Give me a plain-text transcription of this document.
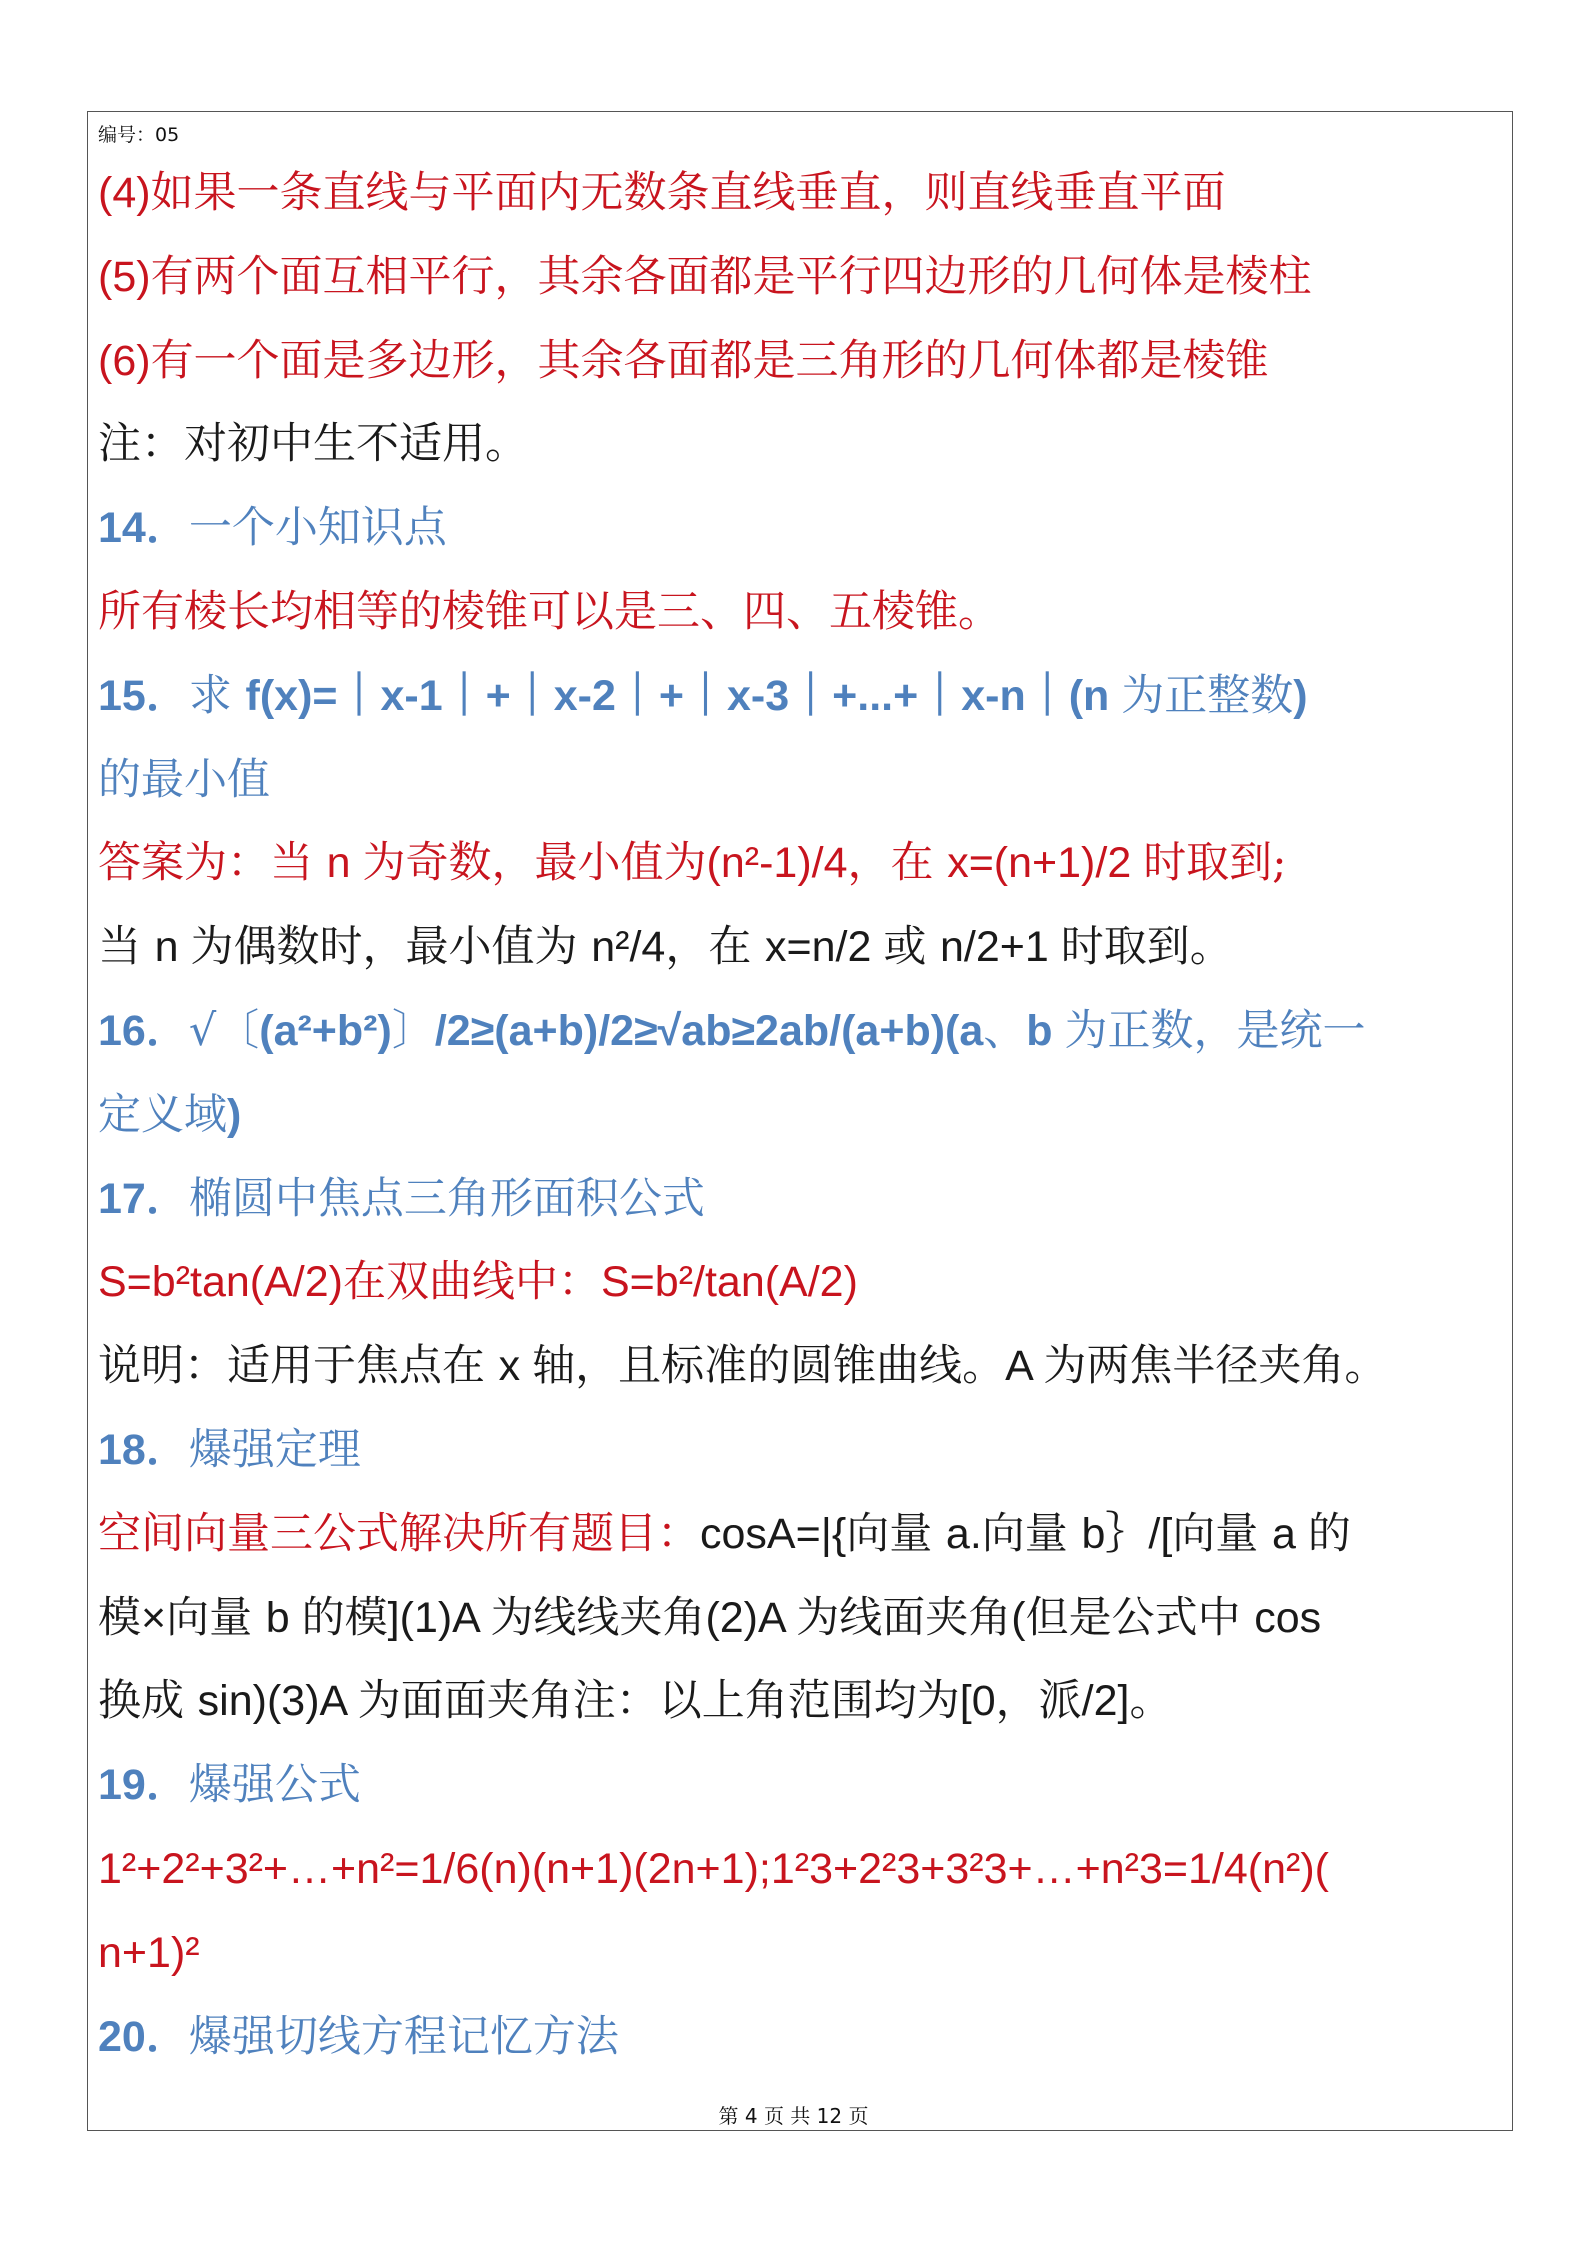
编号：05
(4)如果一条直线与平面内无数条直线垂直，则直线垂直平面
(5)有两个面互相平行，其余各面都是平行四边形的几何体是棱柱
(6)有一个面是多边形，其余各面都是三角形的几何体都是棱锥
注：对初中生不适用。
14．一个小知识点
所有棱长均相等的棱锥可以是三、四、五棱锥。
15．求 f(x)=｜x-1｜+｜x-2｜+｜x-3｜+...+｜x-n｜(n 为正整数)
的最小值
答案为：当 n 为奇数，最小值为(n²-1)/4，在 x=(n+1)/2 时取到;
当 n 为偶数时，最小值为 n²/4，在 x=n/2 或 n/2+1 时取到。
16．√〔(a²+b²)〕/2≥(a+b)/2≥√ab≥2ab/(a+b)(a、b 为正数，是统一
定义域)
17．椭圆中焦点三角形面积公式
S=b²tan(A/2)在双曲线中：S=b²/tan(A/2)
说明：适用于焦点在 x 轴，且标准的圆锥曲线。A 为两焦半径夹角。
18．爆强定理
空间向量三公式解决所有题目：cosA=|{向量 a.向量 b｝/[向量 a 的
模×向量 b 的模](1)A 为线线夹角(2)A 为线面夹角(但是公式中 cos
换成 sin)(3)A 为面面夹角注：以上角范围均为[0，派/2]。
19．爆强公式
1²+2²+3²+…+n²=1/6(n)(n+1)(2n+1);1²3+2²3+3²3+…+n²3=1/4(n²)(
n+1)²
20．爆强切线方程记忆方法
第 4 页 共 12 页
